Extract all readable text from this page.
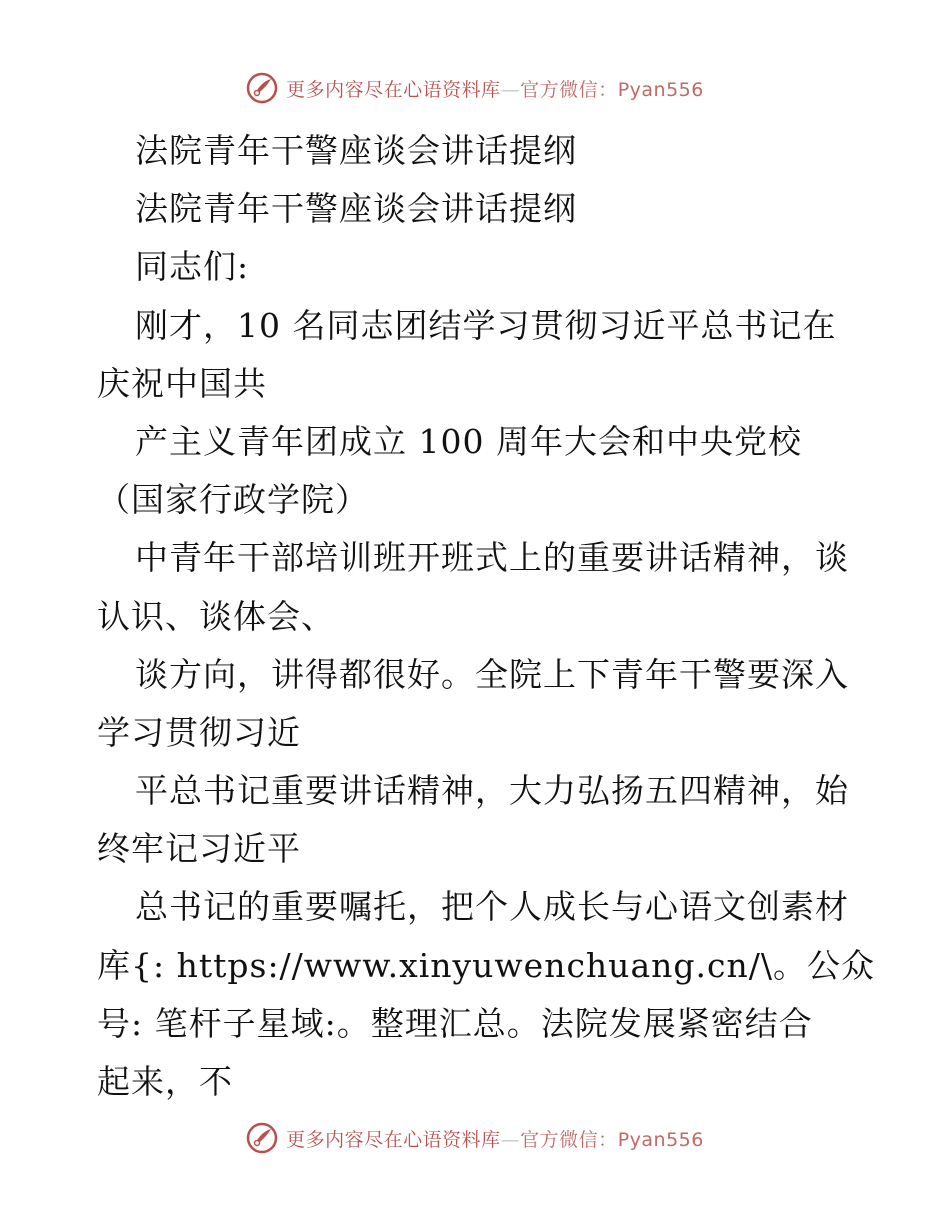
更多内容尽在心语资料库—官方微信：Pyan556
法院青年干警座谈会讲话提纲
法院青年干警座谈会讲话提纲
同志们:
刚才，10 名同志团结学习贯彻习近平总书记在
庆祝中国共
产主义青年团成立 100 周年大会和中央党校
（国家行政学院）
中青年干部培训班开班式上的重要讲话精神，谈
认识、谈体会、
谈方向，讲得都很好。全院上下青年干警要深入
学习贯彻习近
平总书记重要讲话精神，大力弘扬五四精神，始
终牢记习近平
总书记的重要嘱托，把个人成长与心语文创素材
库{: https://www.xinyuwenchuang.cn/\。公众
号: 笔杆子星域:。整理汇总。法院发展紧密结合
起来，不
更多内容尽在心语资料库—官方微信：Pyan556
